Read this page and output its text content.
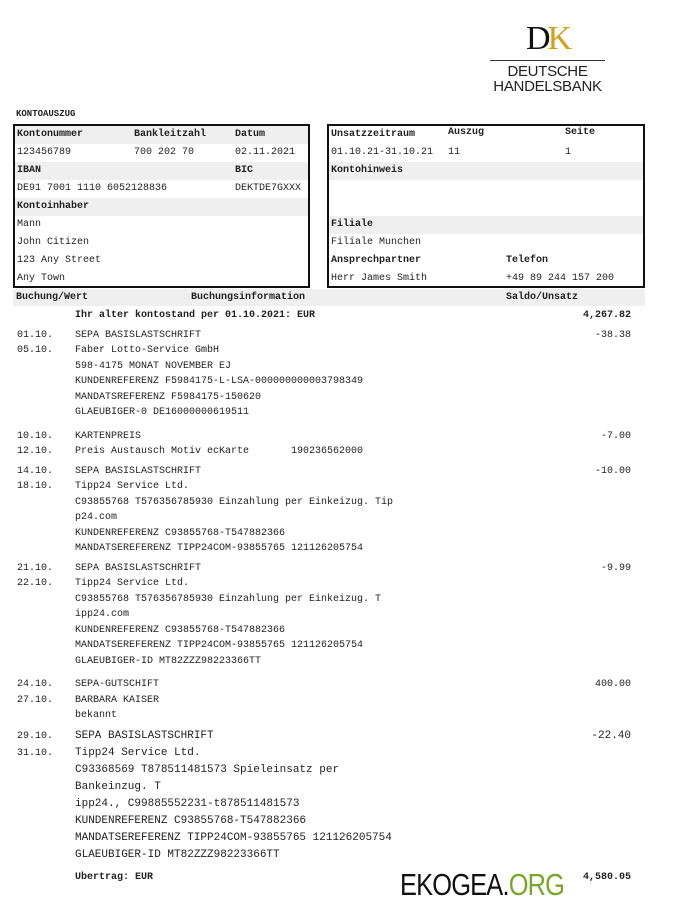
DK
DEUTSCHE
HANDELSBANK
KONTOAUSZUG
Kontonummer	Bankleitzahl	Datum
123456789	700 202 70	02.11.2021
IBAN	BIC
DE91 7001 1110 6052128836	DEKTDE7GXXX
Kontoinhaber
Mann
John Citizen
123 Any Street
Any Town
Unsatzzeitraum	Auszug	Seite
01.10.21-31.10.21 11	1
Kontohinweis
Filiale
Filiale Munchen
Ansprechpartner	Telefon
Herr James Smith	+49 89 244 157 200
Buchung/Wert	Buchungsinformation	Saldo/Unsatz
Ihr alter kontostand per 01.10.2021: EUR	4,267.82
01.10. SEPA BASISLASTSCHRIFT	-38.38
05.10. Faber Lotto-Service GmbH
598-4175 MONAT NOVEMBER EJ
KUNDENREFERENZ F5984175-L-LSA-000000000003798349
MANDATSREFERENZ F5984175-150620
GLAEUBIGER-0 DE16000000619511
10.10. KARTENPREIS	-7.00
12.10. Preis Austausch Motiv ecKarte       190236562000
14.10. SEPA BASISLASTSCHRIFT	-10.00
18.10. Tipp24 Service Ltd.
C93855768 T576356785930 Einzahlung per Einkeizug. Tip
p24.com
KUNDENREFERENZ C93855768-T547882366
MANDATSEREFERENZ TIPP24COM-93855765 121126205754
21.10. SEPA BASISLASTSCHRIFT	-9.99
22.10. Tipp24 Service Ltd.
C93855768 T576356785930 Einzahlung per Einkeizug. T
ipp24.com
KUNDENREFERENZ C93855768-T547882366
MANDATSEREFERENZ TIPP24COM-93855765 121126205754
GLAEUBIGER-ID MT82ZZZ98223366TT
24.10. SEPA-GUTSCHIFT	400.00
27.10. BARBARA KAISER
bekannt
29.10. SEPA BASISLASTSCHRIFT	-22.40
31.10. Tipp24 Service Ltd.
C93368569 T878511481573 Spieleinsatz per
Bankeinzug. T
ipp24., C99885552231-t878511481573
KUNDENREFERENZ C93855768-T547882366
MANDATSEREFERENZ TIPP24COM-93855765 121126205754
GLAEUBIGER-ID MT82ZZZ98223366TT
Ubertrag: EUR	4,580.05
EKOGEA.ORG
